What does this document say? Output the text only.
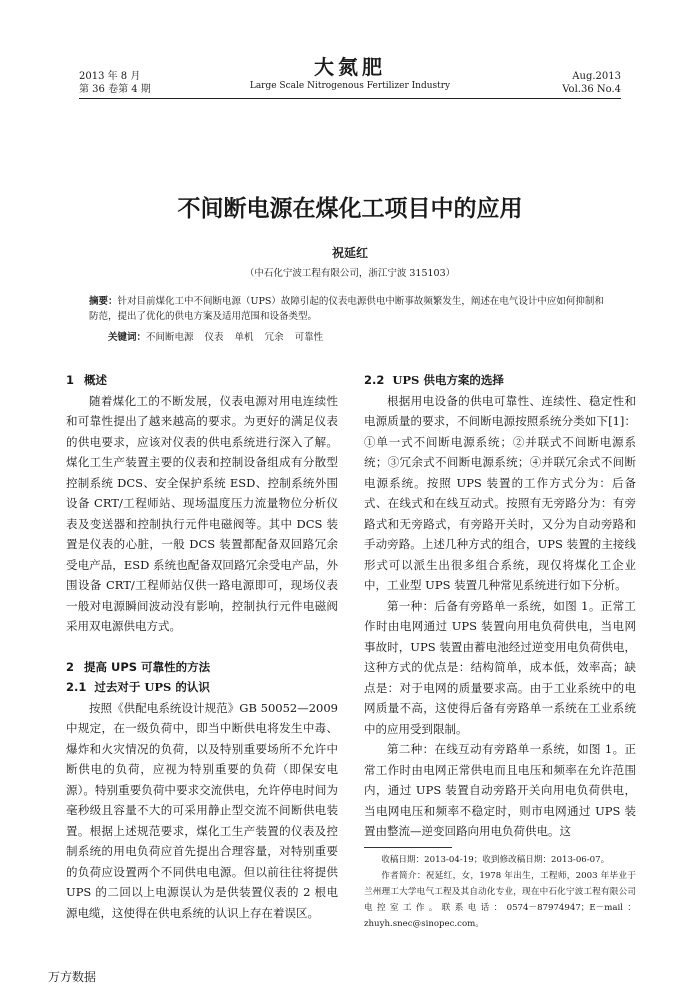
2013 年 8 月
第 36 卷第 4 期
大氮肥
Large Scale Nitrogenous Fertilizer Industry
Aug.2013
Vol.36 No.4
不间断电源在煤化工项目中的应用
祝延红
（中石化宁波工程有限公司，浙江宁波 315103）
摘要：针对目前煤化工中不间断电源（UPS）故障引起的仪表电源供电中断事故频繁发生，阐述在电气设计中应如何抑制和防范，提出了优化的供电方案及适用范围和设备类型。
关键词：不间断电源 仪表 单机 冗余 可靠性
1 概述

随着煤化工的不断发展，仪表电源对用电连续性和可靠性提出了越来越高的要求。为更好的满足仪表的供电要求，应该对仪表的供电系统进行深入了解。煤化工生产装置主要的仪表和控制设备组成有分散型控制系统 DCS、安全保护系统 ESD、控制系统外围设备 CRT/工程师站、现场温度压力流量物位分析仪表及变送器和控制执行元件电磁阀等。其中 DCS 装置是仪表的心脏，一般 DCS 装置都配备双回路冗余受电产品，ESD 系统也配备双回路冗余受电产品，外围设备 CRT/工程师站仅供一路电源即可，现场仪表一般对电源瞬间波动没有影响，控制执行元件电磁阀采用双电源供电方式。

2 提高 UPS 可靠性的方法
2.1 过去对于 UPS 的认识

按照《供配电系统设计规范》GB 50052—2009 中规定，在一级负荷中，即当中断供电将发生中毒、爆炸和火灾情况的负荷，以及特别重要场所不允许中断供电的负荷，应视为特别重要的负荷（即保安电源）。特别重要负荷中要求交流供电，允许停电时间为毫秒级且容量不大的可采用静止型交流不间断供电装置。根据上述规范要求，煤化工生产装置的仪表及控制系统的用电负荷应首先提出合理容量，对特别重要的负荷应设置两个不同供电电源。但以前往往将提供 UPS 的二回以上电源误认为是供装置仪表的 2 根电源电缆，这使得在供电系统的认识上存在着误区。

2.2 UPS 供电方案的选择

根据用电设备的供电可靠性、连续性、稳定性和电源质量的要求，不间断电源按照系统分类如下[1]：①单一式不间断电源系统；②并联式不间断电源系统；③冗余式不间断电源系统；④并联冗余式不间断电源系统。按照 UPS 装置的工作方式分为：后备式、在线式和在线互动式。按照有无旁路分为：有旁路式和无旁路式，有旁路开关时，又分为自动旁路和手动旁路。上述几种方式的组合，UPS 装置的主接线形式可以派生出很多组合系统，现仅将煤化工企业中，工业型 UPS 装置几种常见系统进行如下分析。

第一种：后备有旁路单一系统，如图 1。正常工作时由电网通过 UPS 装置向用电负荷供电，当电网事故时，UPS 装置由蓄电池经过逆变用电负荷供电，这种方式的优点是：结构简单，成本低，效率高；缺点是：对于电网的质量要求高。由于工业系统中的电网质量不高，这使得后备有旁路单一系统在工业系统中的应用受到限制。

第二种：在线互动有旁路单一系统，如图 1。正常工作时由电网正常供电而且电压和频率在允许范围内，通过 UPS 装置自动旁路开关向用电负荷供电，当电网电压和频率不稳定时，则市电网通过 UPS 装置由整流—逆变回路向用电负荷供电。这

收稿日期：2013-04-19；收到修改稿日期：2013-06-07。

作者简介：祝延红，女，1978 年出生，工程师，2003 年毕业于兰州理工大学电气工程及其自动化专业，现在中石化宁波工程有限公司电控室工作。联系电话：0574－87974947；E－mail：zhuyh.snec@sinopec.com。

万方数据
